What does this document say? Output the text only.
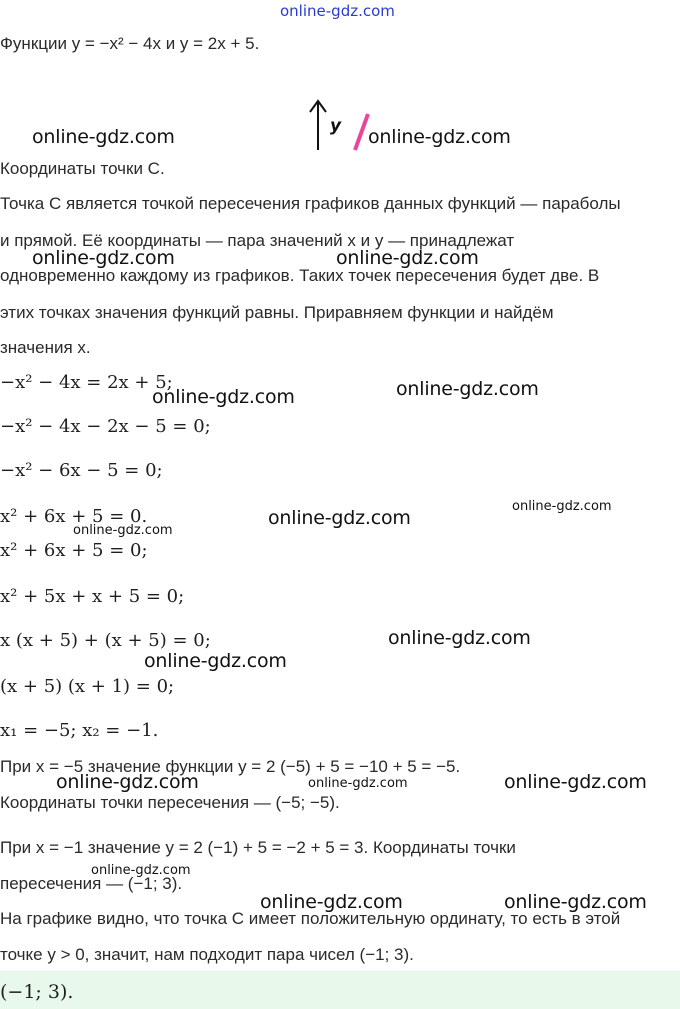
online-gdz.com
Функции y = −x² − 4x и y = 2x + 5.
y
Координаты точки C.
Точка C является точкой пересечения графиков данных функций — параболы
и прямой. Её координаты — пара значений x и y — принадлежат
одновременно каждому из графиков. Таких точек пересечения будет две. В
этих точках значения функций равны. Приравняем функции и найдём
значения x.
−x² − 4x = 2x + 5;
−x² − 4x − 2x − 5 = 0;
−x² − 6x − 5 = 0;
x² + 6x + 5 = 0.
x² + 6x + 5 = 0;
x² + 5x + x + 5 = 0;
x (x + 5) + (x + 5) = 0;
(x + 5) (x + 1) = 0;
x₁ = −5; x₂ = −1.
При x = −5 значение функции y = 2 (−5) + 5 = −10 + 5 = −5.
Координаты точки пересечения — (−5; −5).
При x = −1 значение y = 2 (−1) + 5 = −2 + 5 = 3. Координаты точки
пересечения — (−1; 3).
На графике видно, что точка C имеет положительную ординату, то есть в этой
точке y > 0, значит, нам подходит пара чисел (−1; 3).
(−1; 3).
online-gdz.com	online-gdz.com
online-gdz.com	online-gdz.com
online-gdz.com
online-gdz.com
online-gdz.com
online-gdz.com
online-gdz.com
online-gdz.com
online-gdz.com
online-gdz.com	online-gdz.com	online-gdz.com
online-gdz.com
online-gdz.com	online-gdz.com
